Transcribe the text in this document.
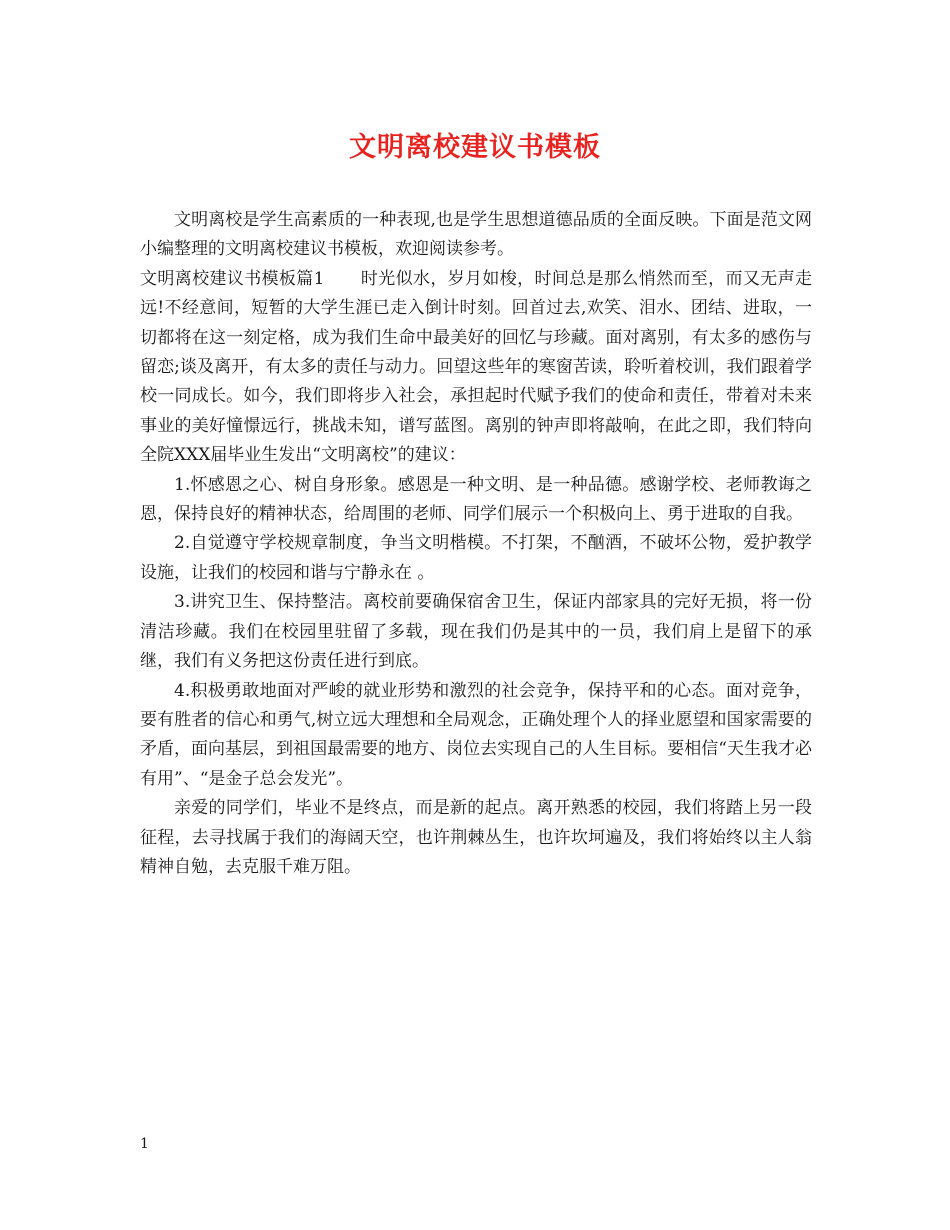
文明离校建议书模板

文明离校是学生高素质的一种表现,也是学生思想道德品质的全面反映。下面是范文网小编整理的文明离校建议书模板，欢迎阅读参考。

文明离校建议书模板篇1 时光似水，岁月如梭，时间总是那么悄然而至，而又无声走远!不经意间，短暂的大学生涯已走入倒计时刻。回首过去,欢笑、泪水、团结、进取，一切都将在这一刻定格，成为我们生命中最美好的回忆与珍藏。面对离别，有太多的感伤与留恋;谈及离开，有太多的责任与动力。回望这些年的寒窗苦读，聆听着校训，我们跟着学校一同成长。如今，我们即将步入社会，承担起时代赋予我们的使命和责任，带着对未来事业的美好憧憬远行，挑战未知，谱写蓝图。离别的钟声即将敲响，在此之即，我们特向全院XXX届毕业生发出“文明离校”的建议：

1.怀感恩之心、树自身形象。感恩是一种文明、是一种品德。感谢学校、老师教诲之恩，保持良好的精神状态，给周围的老师、同学们展示一个积极向上、勇于进取的自我。

2.自觉遵守学校规章制度，争当文明楷模。不打架，不酗酒，不破坏公物，爱护教学设施，让我们的校园和谐与宁静永在 。

3.讲究卫生、保持整洁。离校前要确保宿舍卫生，保证内部家具的完好无损，将一份清洁珍藏。我们在校园里驻留了多载，现在我们仍是其中的一员，我们肩上是留下的承继，我们有义务把这份责任进行到底。

4.积极勇敢地面对严峻的就业形势和激烈的社会竞争，保持平和的心态。面对竞争，要有胜者的信心和勇气,树立远大理想和全局观念，正确处理个人的择业愿望和国家需要的矛盾，面向基层，到祖国最需要的地方、岗位去实现自己的人生目标。要相信“天生我才必有用”、“是金子总会发光”。

亲爱的同学们，毕业不是终点，而是新的起点。离开熟悉的校园，我们将踏上另一段征程，去寻找属于我们的海阔天空，也许荆棘丛生，也许坎坷遍及，我们将始终以主人翁精神自勉，去克服千难万阻。

1
